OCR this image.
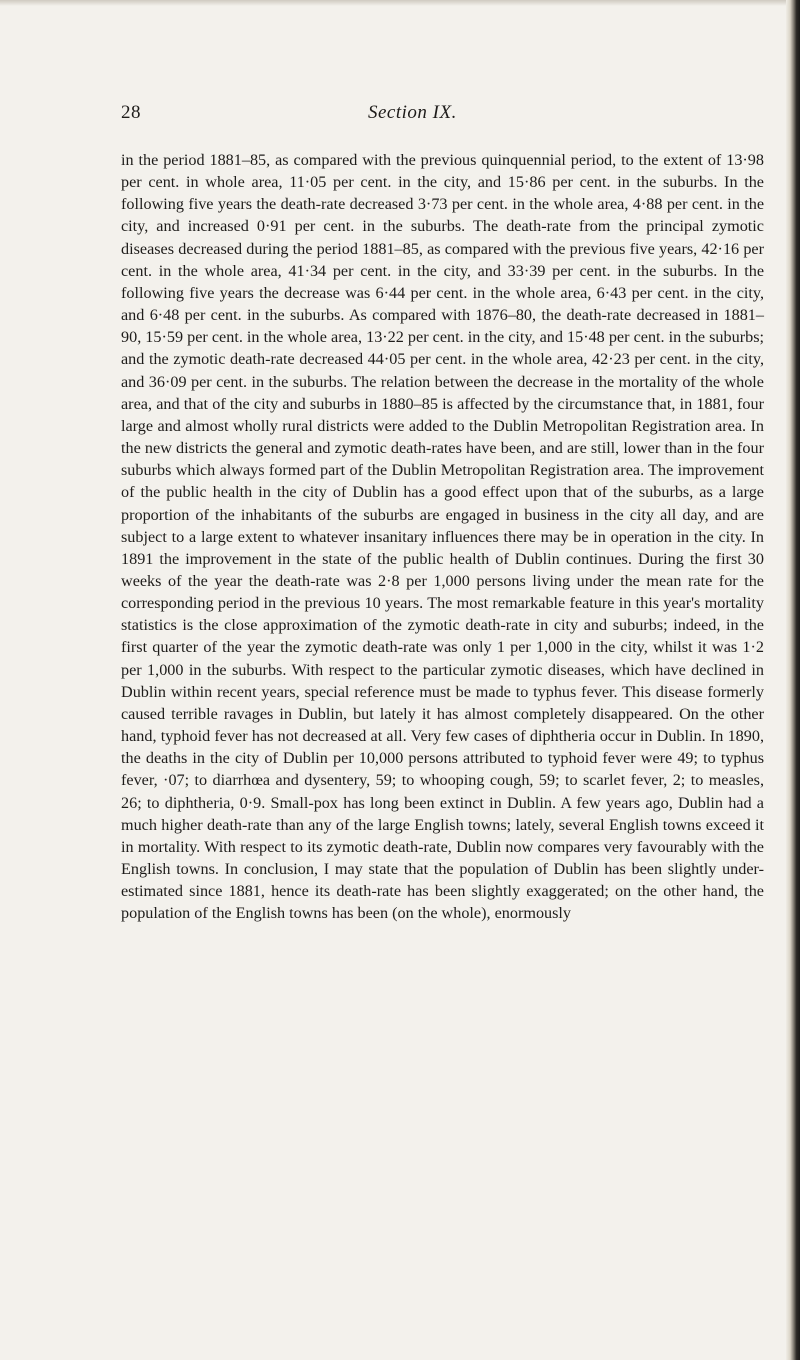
28	Section IX.

in the period 1881–85, as compared with the previous quinquennial period, to the extent of 13·98 per cent. in whole area, 11·05 per cent. in the city, and 15·86 per cent. in the suburbs. In the following five years the death-rate decreased 3·73 per cent. in the whole area, 4·88 per cent. in the city, and increased 0·91 per cent. in the suburbs. The death-rate from the principal zymotic diseases decreased during the period 1881–85, as compared with the previous five years, 42·16 per cent. in the whole area, 41·34 per cent. in the city, and 33·39 per cent. in the suburbs. In the following five years the decrease was 6·44 per cent. in the whole area, 6·43 per cent. in the city, and 6·48 per cent. in the suburbs. As compared with 1876–80, the death-rate decreased in 1881–90, 15·59 per cent. in the whole area, 13·22 per cent. in the city, and 15·48 per cent. in the suburbs; and the zymotic death-rate decreased 44·05 per cent. in the whole area, 42·23 per cent. in the city, and 36·09 per cent. in the suburbs. The relation between the decrease in the mortality of the whole area, and that of the city and suburbs in 1880–85 is affected by the circumstance that, in 1881, four large and almost wholly rural districts were added to the Dublin Metropolitan Registration area. In the new districts the general and zymotic death-rates have been, and are still, lower than in the four suburbs which always formed part of the Dublin Metropolitan Registration area. The improvement of the public health in the city of Dublin has a good effect upon that of the suburbs, as a large proportion of the inhabitants of the suburbs are engaged in business in the city all day, and are subject to a large extent to whatever insanitary influences there may be in operation in the city. In 1891 the improvement in the state of the public health of Dublin continues. During the first 30 weeks of the year the death-rate was 2·8 per 1,000 persons living under the mean rate for the corresponding period in the previous 10 years. The most remarkable feature in this year's mortality statistics is the close approximation of the zymotic death-rate in city and suburbs; indeed, in the first quarter of the year the zymotic death-rate was only 1 per 1,000 in the city, whilst it was 1·2 per 1,000 in the suburbs. With respect to the particular zymotic diseases, which have declined in Dublin within recent years, special reference must be made to typhus fever. This disease formerly caused terrible ravages in Dublin, but lately it has almost completely disappeared. On the other hand, typhoid fever has not decreased at all. Very few cases of diphtheria occur in Dublin. In 1890, the deaths in the city of Dublin per 10,000 persons attributed to typhoid fever were 49; to typhus fever, ·07; to diarrhœa and dysentery, 59; to whooping cough, 59; to scarlet fever, 2; to measles, 26; to diphtheria, 0·9. Small-pox has long been extinct in Dublin. A few years ago, Dublin had a much higher death-rate than any of the large English towns; lately, several English towns exceed it in mortality. With respect to its zymotic death-rate, Dublin now compares very favourably with the English towns. In conclusion, I may state that the population of Dublin has been slightly under-estimated since 1881, hence its death-rate has been slightly exaggerated; on the other hand, the population of the English towns has been (on the whole), enormously
